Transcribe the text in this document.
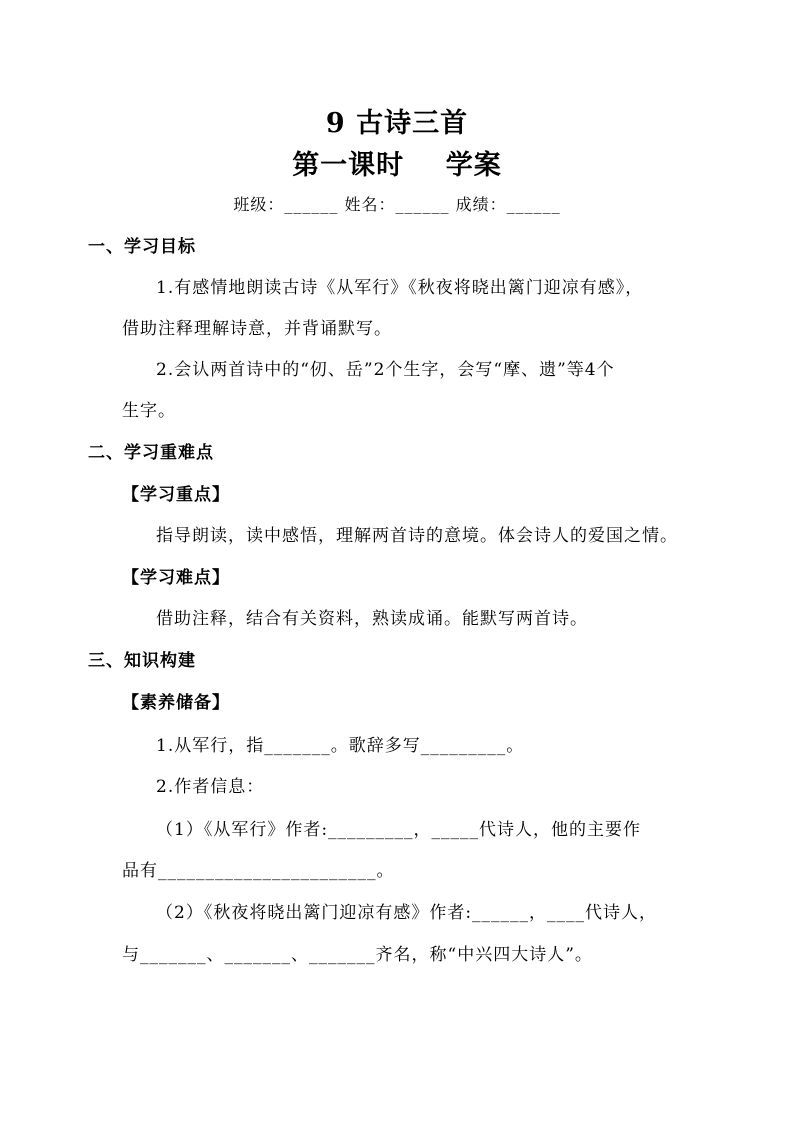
9 古诗三首
第一课时    学案
班级：______ 姓名：______ 成绩：______
一、学习目标
1.有感情地朗读古诗《从军行》《秋夜将晓出篱门迎凉有感》，
借助注释理解诗意，并背诵默写。
2.会认两首诗中的“仞、岳”2个生字，会写“摩、遗”等4个
生字。
二、学习重难点
【学习重点】
指导朗读，读中感悟，理解两首诗的意境。体会诗人的爱国之情。
【学习难点】
借助注释，结合有关资料，熟读成诵。能默写两首诗。
三、知识构建
【素养储备】
1.从军行，指_______。歌辞多写_________。
2.作者信息：
（1）《从军行》作者:_________，_____代诗人，他的主要作
品有_______________________。
（2）《秋夜将晓出篱门迎凉有感》作者:______，____代诗人，
与_______、_______、_______齐名，称“中兴四大诗人”。
